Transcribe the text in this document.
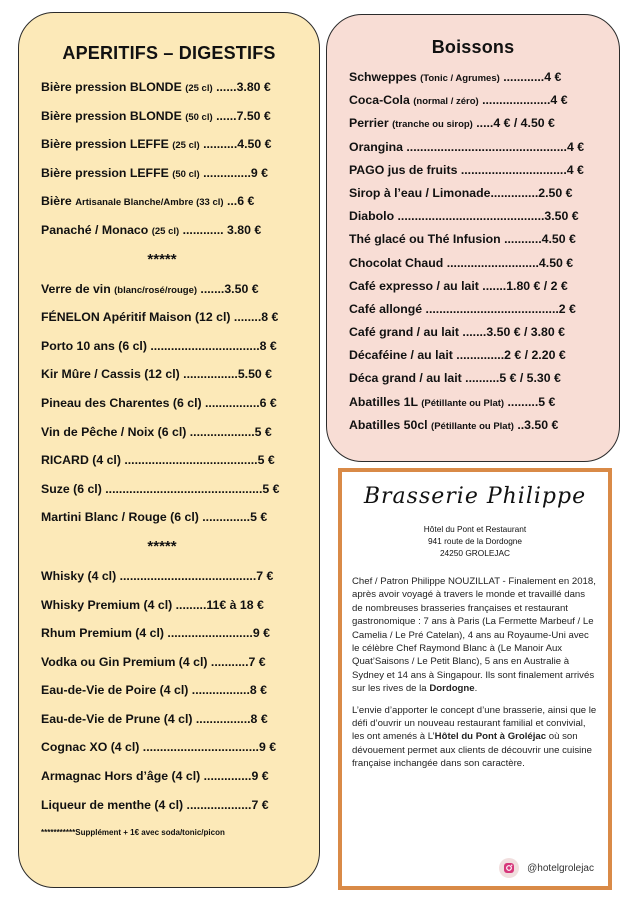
APERITIFS – DIGESTIFS
Bière pression BLONDE (25 cl) ......3.80 €
Bière pression BLONDE (50 cl) ......7.50 €
Bière pression LEFFE (25 cl) ..........4.50 €
Bière pression LEFFE (50 cl) ..............9 €
Bière Artisanale Blanche/Ambre (33 cl) ...6 €
Panaché / Monaco (25 cl) ............ 3.80 €
*****
Verre de vin (blanc/rosé/rouge) .......3.50 €
FÉNELON Apéritif Maison (12 cl) ........8 €
Porto 10 ans (6 cl) ................................8 €
Kir Mûre / Cassis (12 cl) ................5.50 €
Pineau des Charentes (6 cl) ................6 €
Vin de Pêche / Noix (6 cl) ...................5 €
RICARD (4 cl) .......................................5 €
Suze (6 cl) ..............................................5 €
Martini Blanc / Rouge (6 cl) ..............5 €
*****
Whisky (4 cl) ........................................7 €
Whisky Premium (4 cl) .........11€ à 18 €
Rhum Premium (4 cl) .........................9 €
Vodka ou Gin Premium (4 cl) ...........7 €
Eau-de-Vie de Poire (4 cl) .................8 €
Eau-de-Vie de Prune (4 cl) ................8 €
Cognac XO (4 cl) ..................................9 €
Armagnac Hors d’âge (4 cl) ..............9 €
Liqueur de menthe (4 cl) ...................7 €
***********Supplément + 1€ avec soda/tonic/picon
Boissons
Schweppes (Tonic / Agrumes) ............4 €
Coca-Cola (normal / zéro) ....................4 €
Perrier (tranche ou sirop) .....4 € / 4.50 €
Orangina ...............................................4 €
PAGO jus de fruits ...............................4 €
Sirop à l’eau / Limonade..............2.50 €
Diabolo ...........................................3.50 €
Thé glacé ou Thé Infusion ...........4.50 €
Chocolat Chaud ...........................4.50 €
Café expresso / au lait .......1.80 € / 2 €
Café allongé .......................................2 €
Café grand / au lait .......3.50 € / 3.80 €
Décaféine / au lait ..............2 € / 2.20 €
Déca grand / au lait ..........5 € / 5.30 €
Abatilles 1L (Pétillante ou Plat) .........5 €
Abatilles 50cl (Pétillante ou Plat) ..3.50 €
Brasserie Philippe
Hôtel du Pont et Restaurant
941 route de la Dordogne
24250 GROLEJAC
Chef / Patron Philippe NOUZILLAT - Finalement en 2018, après avoir voyagé à travers le monde et travaillé dans de nombreuses brasseries françaises et restaurant gastronomique : 7 ans à Paris (La Fermette Marbeuf / Le Camelia / Le Pré Catelan), 4 ans au Royaume-Uni avec le célèbre Chef Raymond Blanc à (Le Manoir Aux Quat’Saisons / Le Petit Blanc), 5 ans en Australie à Sydney et 14 ans à Singapour. Ils sont finalement arrivés sur les rives de la Dordogne.
L’envie d’apporter le concept d’une brasserie, ainsi que le défi d’ouvrir un nouveau restaurant familial et convivial, les ont amenés à L’Hôtel du Pont à Groléjac où son dévouement permet aux clients de découvrir une cuisine française inchangée dans son caractère.
@hotelgrolejac
